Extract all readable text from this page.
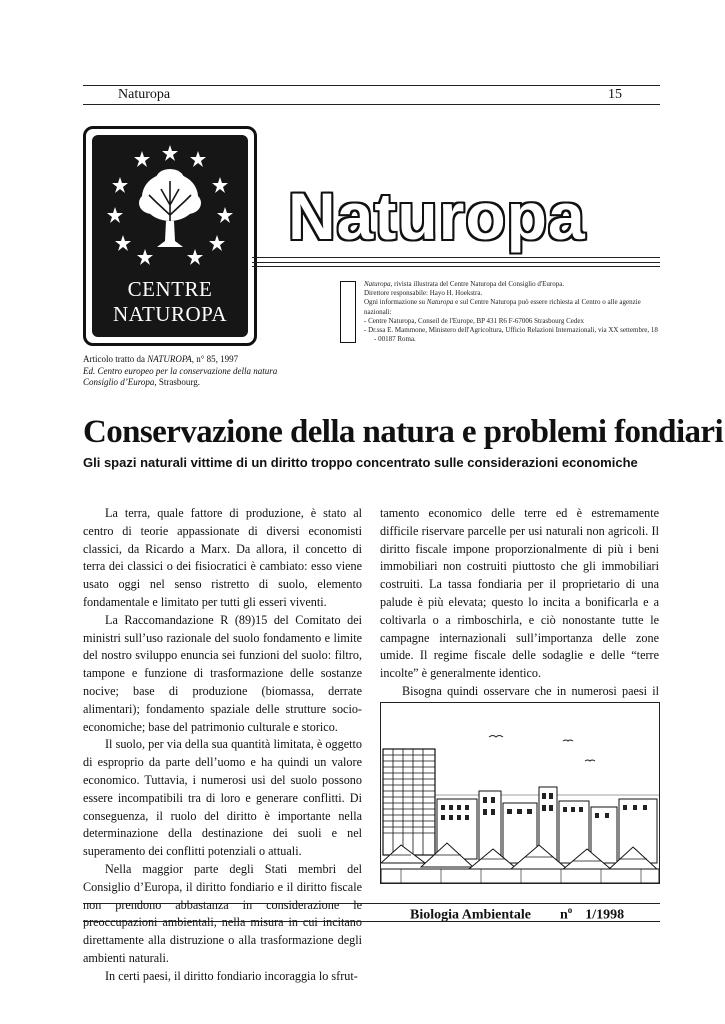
Naturopa	15
CENTRE
NATUROPA
Naturopa

Naturopa, rivista illustrata del Centre Naturopa del Consiglio d'Europa.

Direttore responsabile: Hayo H. Hoekstra.

Ogni informazione su Naturopa e sul Centre Naturopa può essere richiesta al Centro o alle agenzie nazionali:

- Centre Naturopa, Conseil de l'Europe, BP 431 R6 F-67006 Strasbourg Cedex

- Dr.ssa E. Mammone, Ministero dell'Agricoltura, Ufficio Relazioni Internazionali, via XX settembre, 18 - 00187 Roma.

Articolo tratto da NATUROPA, n° 85, 1997

Ed. Centro europeo per la conservazione della natura

Consiglio d’Europa, Strasbourg.

Conservazione della natura e problemi fondiari
Gli spazi naturali vittime di un diritto troppo concentrato sulle considerazioni economiche

La terra, quale fattore di produzione, è stato al centro di teorie appassionate di diversi economisti classici, da Ricardo a Marx. Da allora, il concetto di terra dei classici o dei fisiocratici è cambiato: esso viene usato oggi nel senso ristretto di suolo, elemento fondamentale e limitato per tutti gli esseri viventi.

La Raccomandazione R (89)15 del Comitato dei ministri sull’uso razionale del suolo fondamento e limite del nostro sviluppo enuncia sei funzioni del suolo: filtro, tampone e funzione di trasformazione delle sostanze nocive; base di produzione (biomassa, derrate alimentari); fondamento spaziale delle strutture socio-economiche; base del patrimonio culturale e storico.

Il suolo, per via della sua quantità limitata, è oggetto di esproprio da parte dell’uomo e ha quindi un valore economico. Tuttavia, i numerosi usi del suolo possono essere incompatibili tra di loro e generare conflitti. Di conseguenza, il ruolo del diritto è importante nella determinazione della destinazione dei suoli e nel superamento dei conflitti potenziali o attuali.

Nella maggior parte degli Stati membri del Consiglio d’Europa, il diritto fondiario e il diritto fiscale non prendono abbastanza in considerazione le preoccupazioni ambientali, nella misura in cui incitano direttamente alla distruzione o alla trasformazione degli ambienti naturali.

In certi paesi, il diritto fondiario incoraggia lo sfrut-

tamento economico delle terre ed è estremamente difficile riservare parcelle per usi naturali non agricoli. Il diritto fiscale impone proporzionalmente di più i beni immobiliari non costruiti piuttosto che gli immobiliari costruiti. La tassa fondiaria per il proprietario di una palude è più elevata; questo lo incita a bonificarla e a coltivarla o a rimboschirla, e ciò nonostante tutte le campagne internazionali sull’importanza delle zone umide. Il regime fiscale delle sodaglie e delle “terre incolte” è generalmente identico.

Bisogna quindi osservare che in numerosi paesi il

Biologia Ambientale $n^o$ 1/1998
